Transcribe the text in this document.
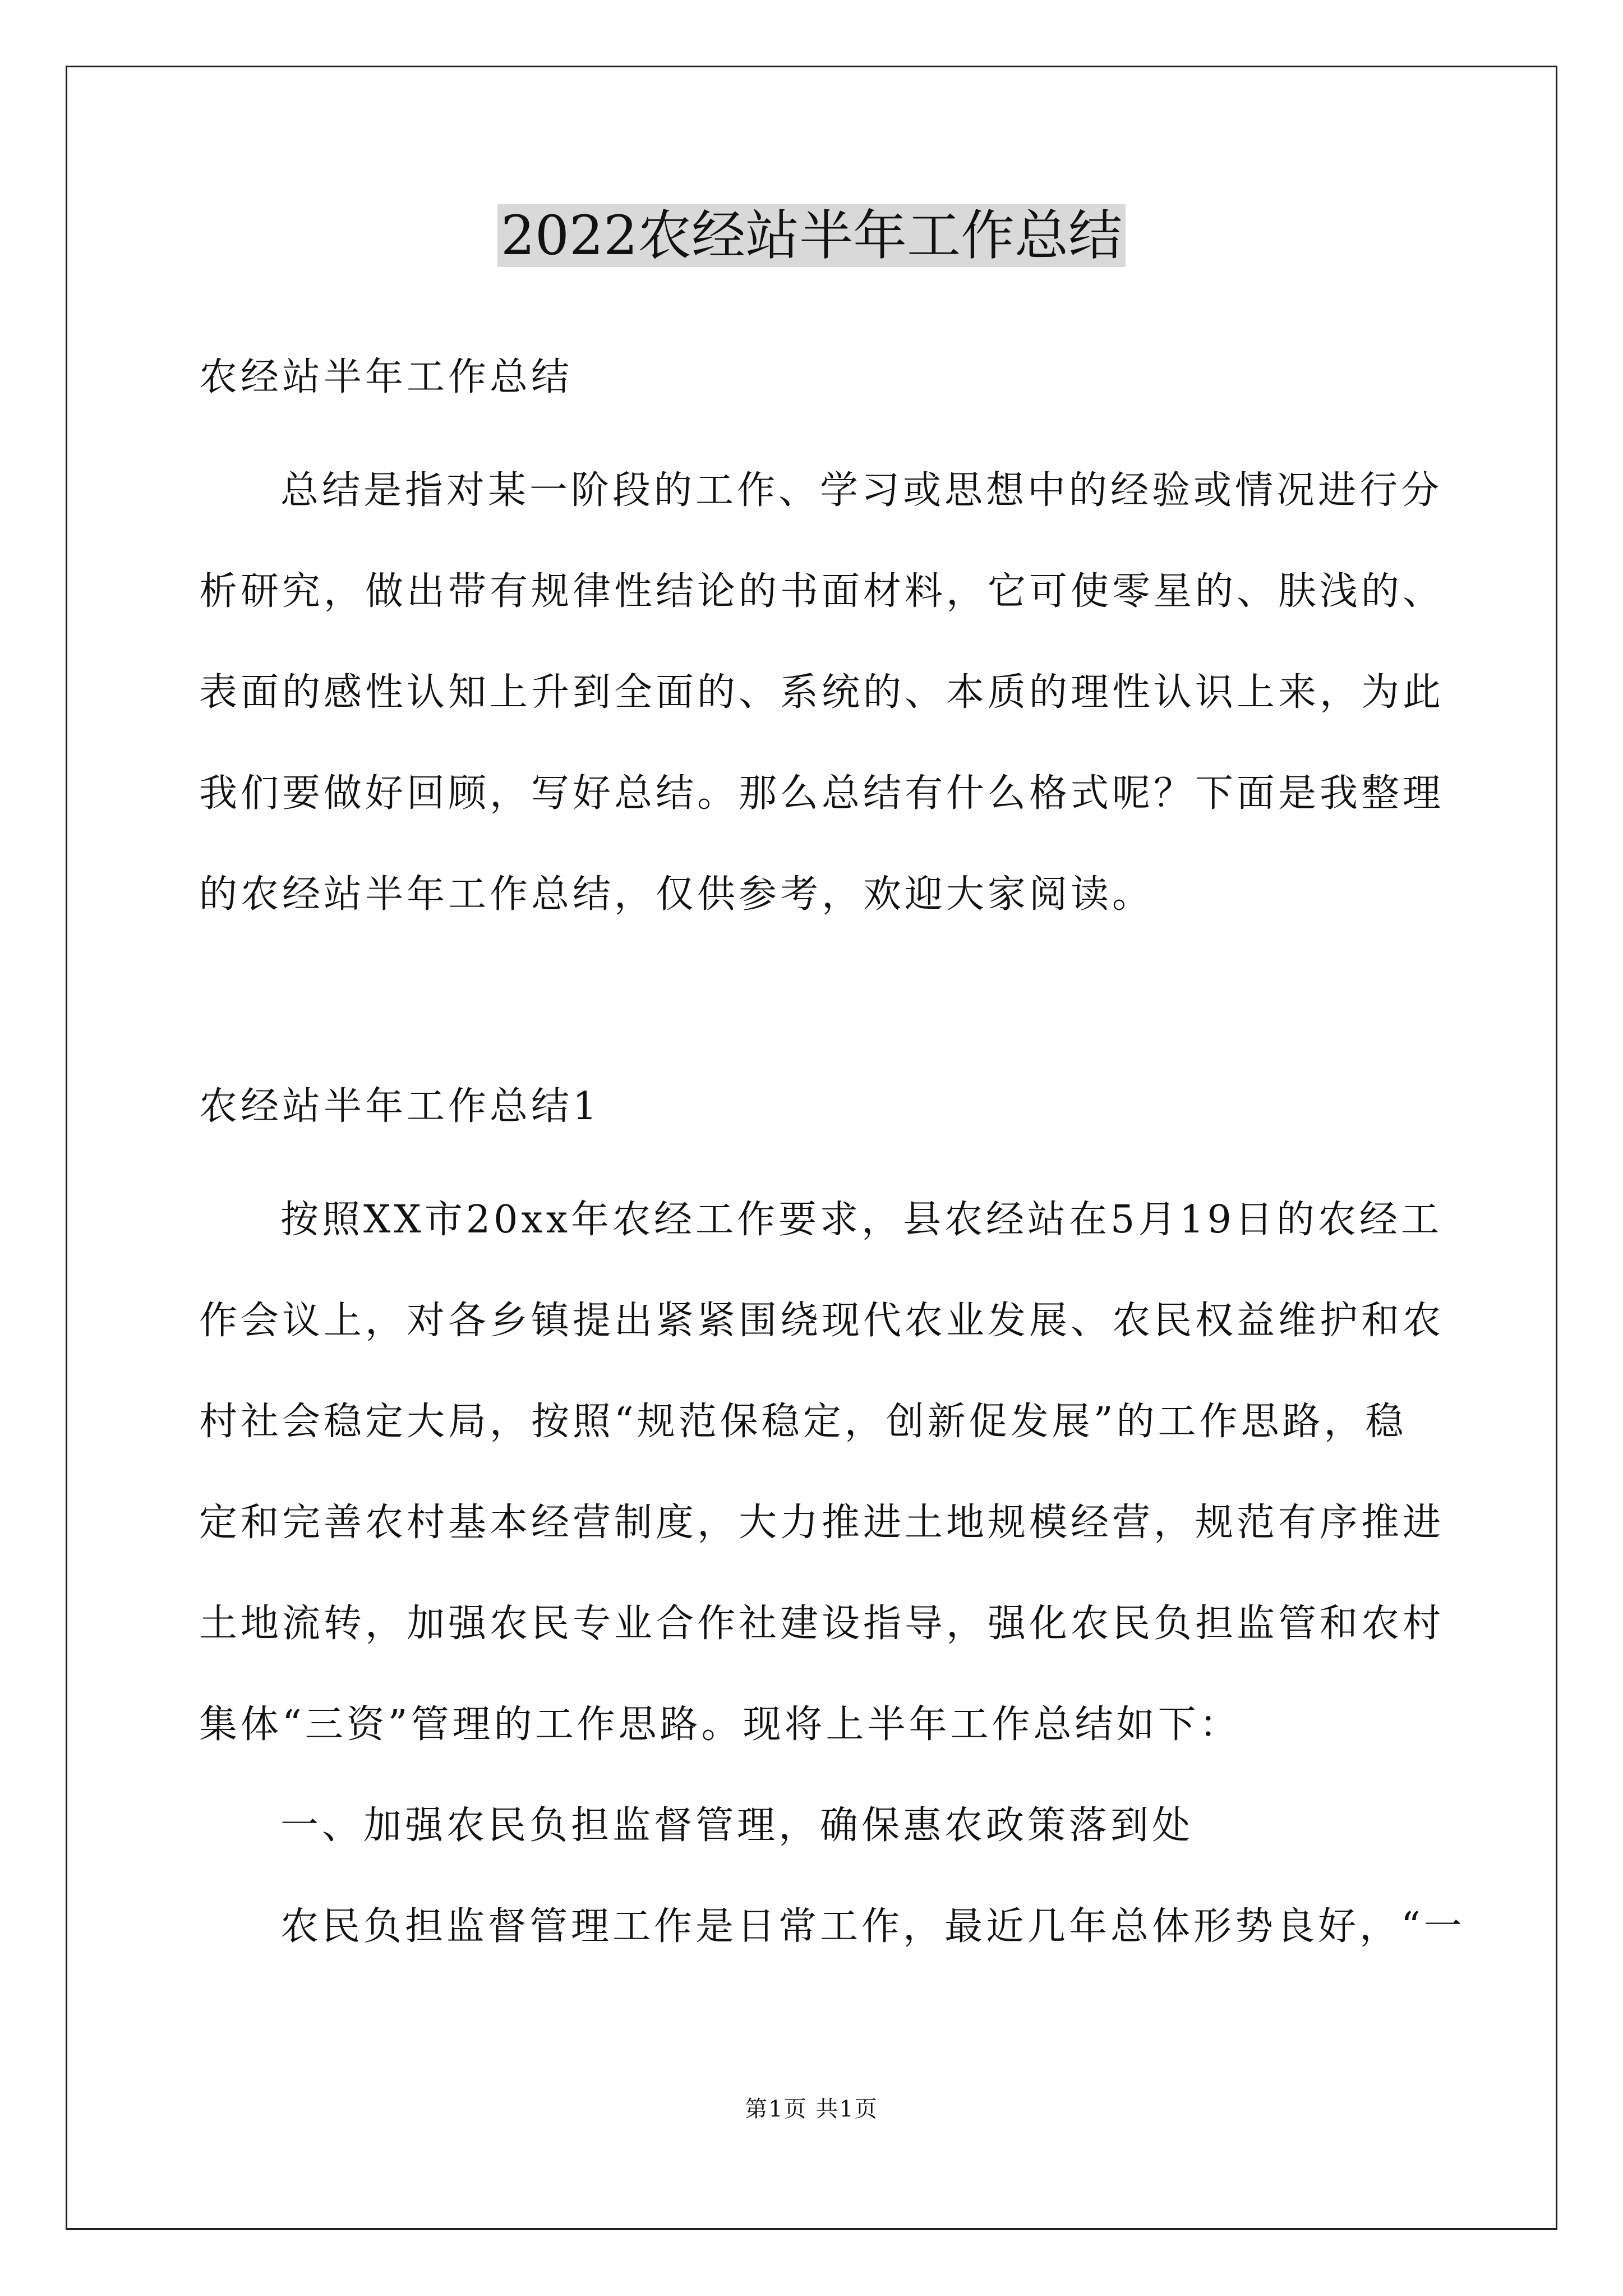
2022农经站半年工作总结
农经站半年工作总结
总结是指对某一阶段的工作、学习或思想中的经验或情况进行分
析研究，做出带有规律性结论的书面材料，它可使零星的、肤浅的、
表面的感性认知上升到全面的、系统的、本质的理性认识上来，为此
我们要做好回顾，写好总结。那么总结有什么格式呢？下面是我整理
的农经站半年工作总结，仅供参考，欢迎大家阅读。
农经站半年工作总结1
按照XX市20xx年农经工作要求，县农经站在5月19日的农经工
作会议上，对各乡镇提出紧紧围绕现代农业发展、农民权益维护和农
村社会稳定大局，按照“规范保稳定，创新促发展”的工作思路，稳
定和完善农村基本经营制度，大力推进土地规模经营，规范有序推进
土地流转，加强农民专业合作社建设指导，强化农民负担监管和农村
集体“三资”管理的工作思路。现将上半年工作总结如下：
一、加强农民负担监督管理，确保惠农政策落到处
农民负担监督管理工作是日常工作，最近几年总体形势良好，“一
第1页 共1页
